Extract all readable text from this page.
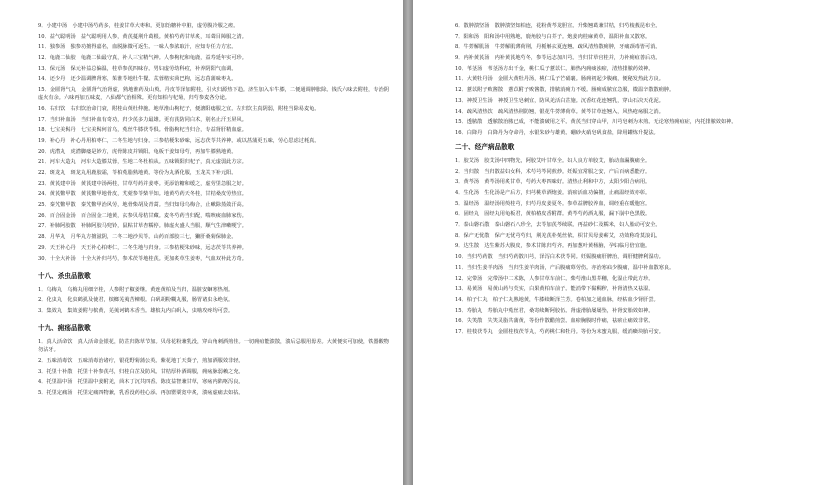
9．小建中汤　小建中汤芍药多，桂姜甘草大枣和。更加饴糖补中脏，虚劳腹冷服之瘥。

10．益气聪明汤　益气聪明用人参，黄芪蔓荆升葛根。黄柏芍药甘草炙，耳聋目障服之清。

11．独参汤　独参功擅得嘉名，血脱脉微可返生。一味人参浓取汁，应知专任力方宏。

12．龟鹿二仙胶　龟鹿二仙最守真，补人三宝精气神。人参枸杞和龟鹿，益寿延年实可珍。

13．保元汤　保元补益总偏温，桂草参芪四味存。男妇虚劳幼科痘，补养阴阳气血调。

14．还少丹　还少温调脾肾寒，茱淮苓地杜牛餐。苁蓉楮实茴巴枸，远志菖蒲味枣丸。

15．金匮肾气丸　金匮肾气治肾虚，熟地淮药及山萸。丹皮苓泽加附桂，引火归源热下趋。济生加入车牛膝，二便通调肿胀除。钱氏六味去附桂，专治阴虚火有余。六味再加五味麦，八仙都气治相殊。更有知柏与杞菊，归芍参麦各分途。

16．右归饮　右归饮治命门衰，附桂山萸杜仲施。地草淮山枸杞子，便溏阳痿服之宜。左归饮主真阴弱，附桂当除易麦龟。

17．当归补血汤　当归补血有奇功，归少芪多力最雄。更有芪防同白术，别名止汗玉屏风。

18．七宝美髯丹　七宝美髯何首乌，菟丝牛膝茯苓俱。骨脂枸杞当归合，专益肾肝精血虚。

19．补心丹　补心丹用柏枣仁，二冬生地与归身。三参桔梗朱砂味，远志茯苓共养神。或以菖蒲更五味，劳心思虑过耗真。

20．虎潜丸　虎潜脚痿是妙方，虎骨陈皮并锁阳。龟板干姜知母芍，再加牛膝熟地黄。

21．河车大造丸　河车大造膝苁蓉，生地二冬杜柏从。五味锁阳归杞子，真元虚弱此方宗。

22．斑龙丸　斑龙丸用鹿胶霜，苓柏菟脂熟地黄。等份为丸酒化服，玉龙关下补元阳。

23．黄芪建中汤　黄芪建中汤两桂，甘草芍药并姜枣。更添饴糖和缓之，虚劳里急服之好。

24．黄芪鳖甲散　黄芪鳖甲地骨皮，艽菀参苓柴半知。地黄芍药天冬桂，甘桔桑皮劳热宜。

25．秦艽鳖甲散　秦艽鳖甲治风劳，地骨柴胡及青蒿。当归知母乌梅合，止嗽除蒸敛汗高。

26．百合固金汤　百合固金二地黄，玄参贝母桔甘藏。麦冬芍药当归配，喘咳痰血肺家伤。

27．补肺阿胶散　补肺阿胶马兜铃，鼠粘甘草杏糯停。肺虚火盛人当服，顺气生津嗽哽宁。

28．月华丸　月华丸方擅滋阴，二冬二地沙贝苓。山药百部胶三七，獭肝桑菊保肺金。

29．天王补心丹　天王补心柏枣仁，二冬生地与归身。三参桔梗朱砂味，远志茯苓共养神。

30．十全大补汤　十全大补归芎芍，参术茯苓地桂芪。更加炙草生姜枣，气血双补此方奇。

十八、杀虫品散歌

1．乌梅丸　乌梅丸用细辛桂，人参附子椒姜继。黄连黄柏及当归，温脏安蛔寒热剂。

2．化虫丸　化虫鹤虱及使君，槟榔芜荑苦楝根。白矾胡粉糊丸服，肠胃诸虫永绝氛。

3．集效丸　集效姜附与槟黄，芜荑诃鹤木香当。雄槟丸内白矾入，虫啮攻疼均可尝。

十九、痈疡品散歌

1．真人活命饮　真人活命金银花，防芷归陈草节加。贝母花粉兼乳没，穿山角刺酒煎佳。一切痈疽能溃散，溃后忌服用毋差。大黄便实可加使，铁器酸物勿沾牙。

2．五味消毒饮　五味消毒治诸疔，银花野菊蒲公英。紫花地丁天葵子，煎加酒服效非轻。

3．托里十补散　托里十补参芪芎，归桂白芷及防风。甘桔厚朴酒调服，痈疡脉弱赖之充。

4．托里温中汤　托里温中姜附羌，茴木丁沉共四香。陈皮益智兼甘草，寒疡内陷呕泻良。

5．托里定痛汤　托里定痛四物兼，乳香没药桂心添。再加罂粟宽中炙，溃疡虚痛去如拈。

6．散肿溃坚汤　散肿溃坚知柏连，花粉黄芩龙胆宣。升柴翘葛兼甘桔，归芍棱莪昆布全。

7．阳和汤　阳和汤中用熟地，鹿角胶与白芥子。炮姜肉桂麻黄草，温阳补血又散寒。

8．牛蒡解肌汤　牛蒡解肌薄荷荆，丹栀斛玄夏连翘。疏风清热散痈肿，牙痛颈毒皆可消。

9．内补黄芪汤　内补黄芪地芍冬，参苓远志加川芎。当归甘草官桂并，力补痈疽善后功。

10．苇茎汤　苇茎汤方出千金，桃仁瓜子薏苡仁。肺热内痈痰浊瘀，清热排脓药效神。

11．大黄牡丹汤　金匮大黄牡丹汤，桃仁瓜子芒硝襄。肠痈初起少腹痛，便秘发热此方良。

12．薏苡附子败酱散　薏苡附子败酱散，排脓消痈力不缓。肠痈成脓宜急服，微温辛散散痈肿。

13．神授卫生汤　神授卫生皂刺宜，防风羌活白芷施。沉香红花连翘乳，穿山石决天花泥。

14．疏风清热饮　疏风清热荆防翘，银花牛蒡薄荷草。黄芩甘草连翘入，风热疮疡服之消。

15．透脓散　透脓散治脓已成，不能溃破用之平。黄芪当归穿山甲，川芎皂刺为末煎。无论寒热痈疽症，内托排脓效如神。

16．白降丹　白降丹为夺命丹，水银朱砂与雄黄。硼砂火硝皂矾食盐，降用罐炼升提法。

二十、经产病品散歌

1．胶艾汤　胶艾汤中四物先，阿胶艾叶甘草全。妇人良方单胶艾，胎动血漏腹痛全。

2．当归散　当归散益妇女科，术芍芎芩同煎炒。妊娠宜常服之安，产后百病悉能疗。

3．黄芩汤　黄芩汤用炙甘草，芍药大枣四味好。清热止利和中方，太阳少阳合病用。

4．生化汤　生化汤是产后方，归芎桃草酒炮姜。消瘀活血功偏擅，止痛温经效亦彰。

5．温经汤　温经汤用萸桂芎，归芍丹皮姜夏冬。参草益脾胶养血，调经重在暖胞宫。

6．固经丸　固经丸用龟板君，黄柏椿皮香附群。黄芩芍药酒丸服，漏下崩中色黑殷。

7．泰山磐石散　泰山磐石八珍全，去苓加芪芩续联。再益砂仁及糯米，妇人胎动可安全。

8．保产无忧散　保产无忧芎芍归，荆羌芪朴菟丝依。枳甘贝母姜蕲艾，功效称奇莫浪讥。

9．达生散　达生紫苏大腹皮，参术甘陈归芍齐。再加葱叶黄杨脑，孕妇临月倍宜施。

10．当归芍药散　当归芍药散川芎，泽泻白术茯苓同。妊娠腹痛肝脾治，调肝健脾利湿功。

11．当归生姜羊肉汤　当归生姜羊肉汤，产后腹痛蓐劳伤。亦治寒疝少腹痛，温中补血散寒良。

12．完带汤　完带汤中二术陈，人参甘草车前仁。柴芍淮山黑芥穗，化湿止带此方珍。

13．易黄汤　易黄山药与芡实，白果黄柏车前子。能消带下黏稠秽，补肾清热又祛湿。

14．柏子仁丸　柏子仁丸熟地黄，牛膝续断泽兰芳。卷柏加之通血脉，经枯血少肾肝尝。

15．寿胎丸　寿胎丸中菟丝君，桑寄续断阿胶伍。肾虚滑胎屡屡坠，补肾安胎效如神。

16．失笑散　失笑灵脂共蒲黄，等份作散醋煎尝。血瘀胸腹时作痛，祛瘀止痛效非常。

17．桂枝茯苓丸　金匮桂枝茯苓丸，芍药桃仁和牡丹。等份为末蜜丸服，缓消癥块胎可安。
